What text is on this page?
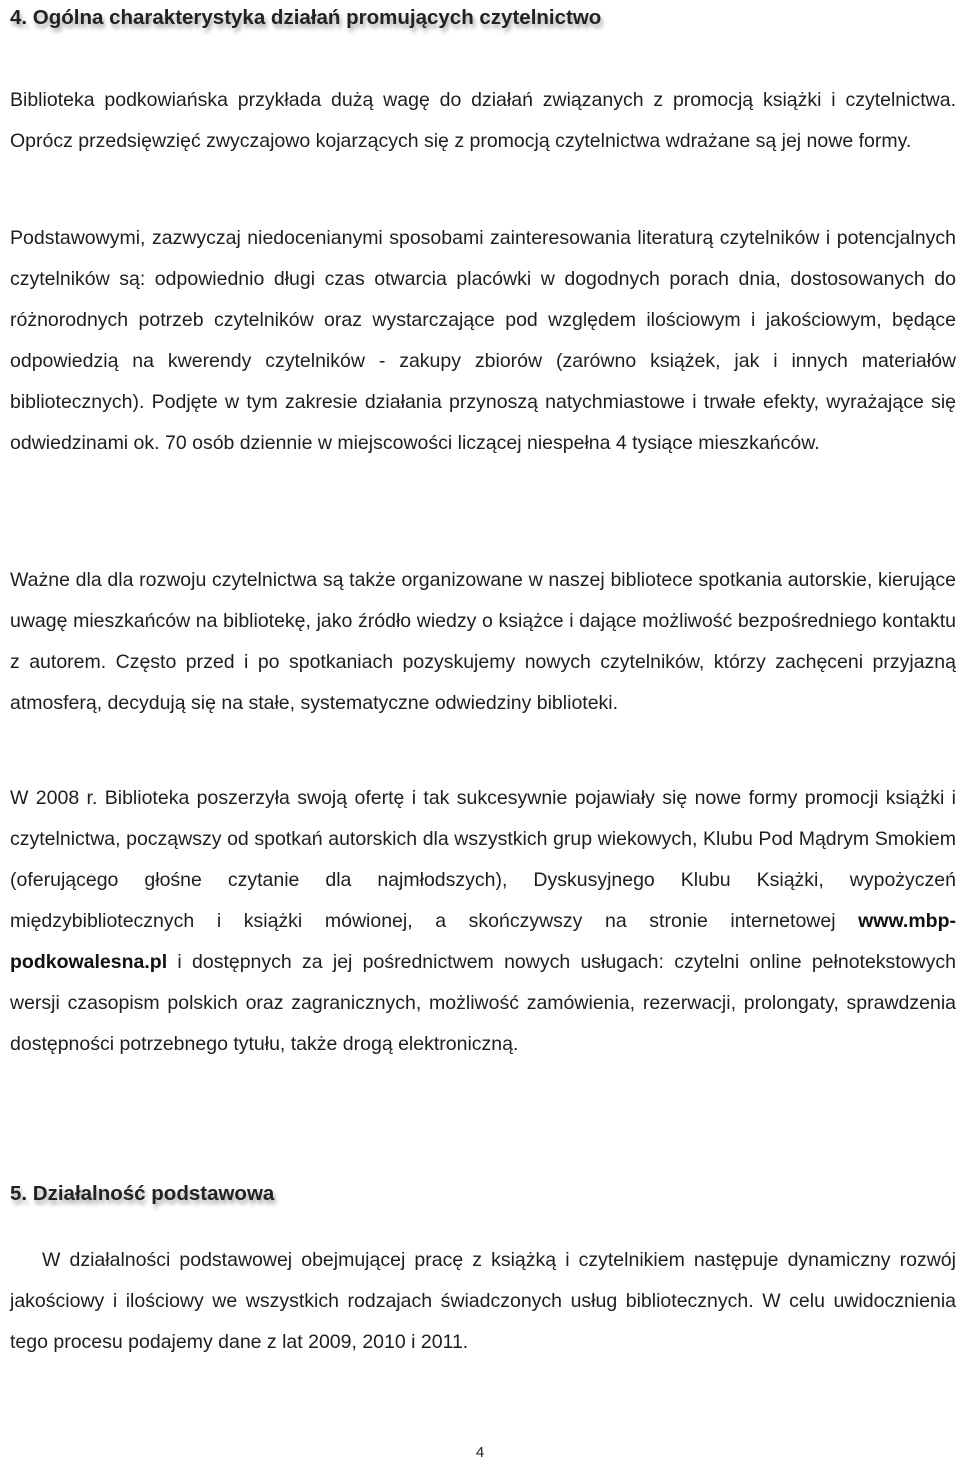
4. Ogólna charakterystyka działań promujących czytelnictwo

Biblioteka podkowiańska przykłada dużą wagę do działań związanych z promocją książki i czytelnictwa. Oprócz przedsięwzięć zwyczajowo kojarzących się z promocją czytelnictwa wdrażane są jej nowe formy.

Podstawowymi, zazwyczaj niedocenianymi sposobami zainteresowania literaturą czytelników i potencjalnych czytelników są: odpowiednio długi czas otwarcia placówki w dogodnych porach dnia, dostosowanych do różnorodnych potrzeb czytelników oraz wystarczające pod względem ilościowym i jakościowym, będące odpowiedzią na kwerendy czytelników - zakupy zbiorów (zarówno książek, jak i innych materiałów bibliotecznych). Podjęte w tym zakresie działania przynoszą natychmiastowe i trwałe efekty, wyrażające się odwiedzinami ok. 70 osób dziennie w miejscowości liczącej niespełna 4 tysiące mieszkańców.

Ważne dla dla rozwoju czytelnictwa są także organizowane w naszej bibliotece spotkania autorskie, kierujące uwagę mieszkańców na bibliotekę, jako źródło wiedzy o książce i dające możliwość bezpośredniego kontaktu z autorem. Często przed i po spotkaniach pozyskujemy nowych czytelników, którzy zachęceni przyjazną atmosferą, decydują się na stałe, systematyczne odwiedziny biblioteki.

W 2008 r. Biblioteka poszerzyła swoją ofertę i tak sukcesywnie pojawiały się nowe formy promocji książki i czytelnictwa, począwszy od spotkań autorskich dla wszystkich grup wiekowych, Klubu Pod Mądrym Smokiem (oferującego głośne czytanie dla najmłodszych), Dyskusyjnego Klubu Książki, wypożyczeń międzybibliotecznych i książki mówionej, a skończywszy na stronie internetowej www.mbp-podkowalesna.pl i dostępnych za jej pośrednictwem nowych usługach: czytelni online pełnotekstowych wersji czasopism polskich oraz zagranicznych, możliwość zamówienia, rezerwacji, prolongaty, sprawdzenia dostępności potrzebnego tytułu, także drogą elektroniczną.

5. Działalność podstawowa

W działalności podstawowej obejmującej pracę z książką i czytelnikiem następuje dynamiczny rozwój jakościowy i ilościowy we wszystkich rodzajach świadczonych usług bibliotecznych. W celu uwidocznienia tego procesu podajemy dane z lat 2009, 2010 i 2011.

4
